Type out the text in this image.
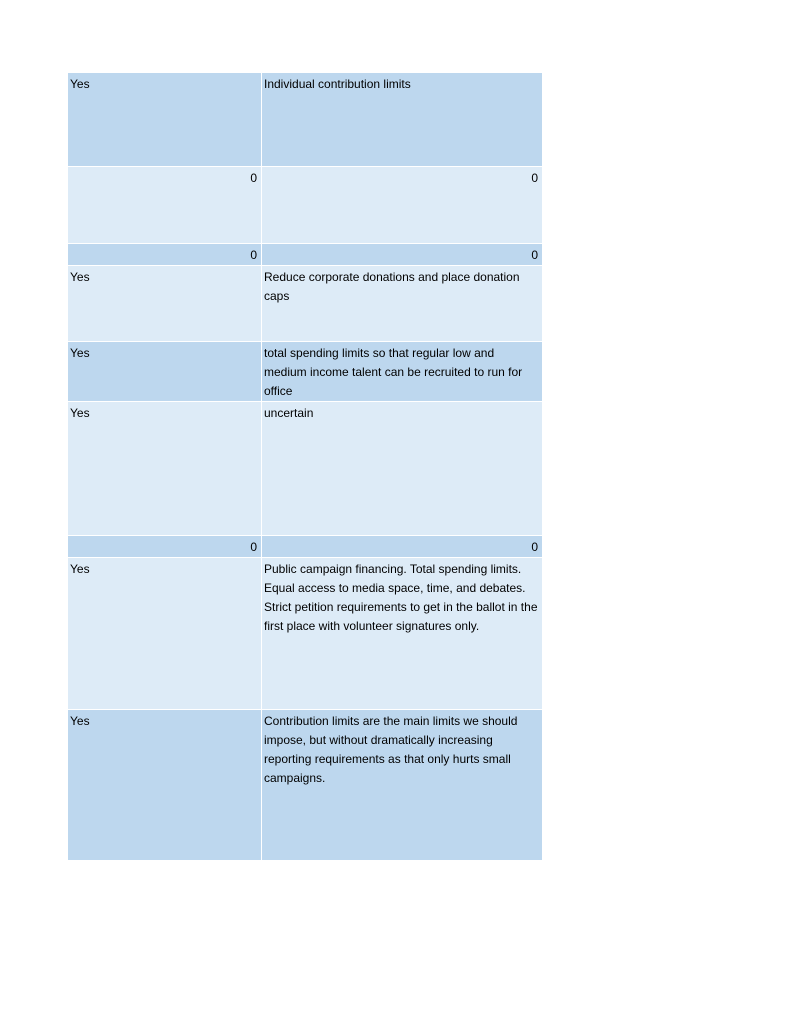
Yes	Individual contribution limits
0	0
0	0
Yes	Reduce corporate donations and place donation caps
Yes	total spending limits so that regular low and medium income talent can be recruited to run for office
Yes	uncertain
0	0
Yes	Public campaign financing. Total spending limits. Equal access to media space, time, and debates. Strict petition requirements to get in the ballot in the first place with volunteer signatures only.
Yes	Contribution limits are the main limits we should impose, but without dramatically increasing reporting requirements as that only hurts small campaigns.
